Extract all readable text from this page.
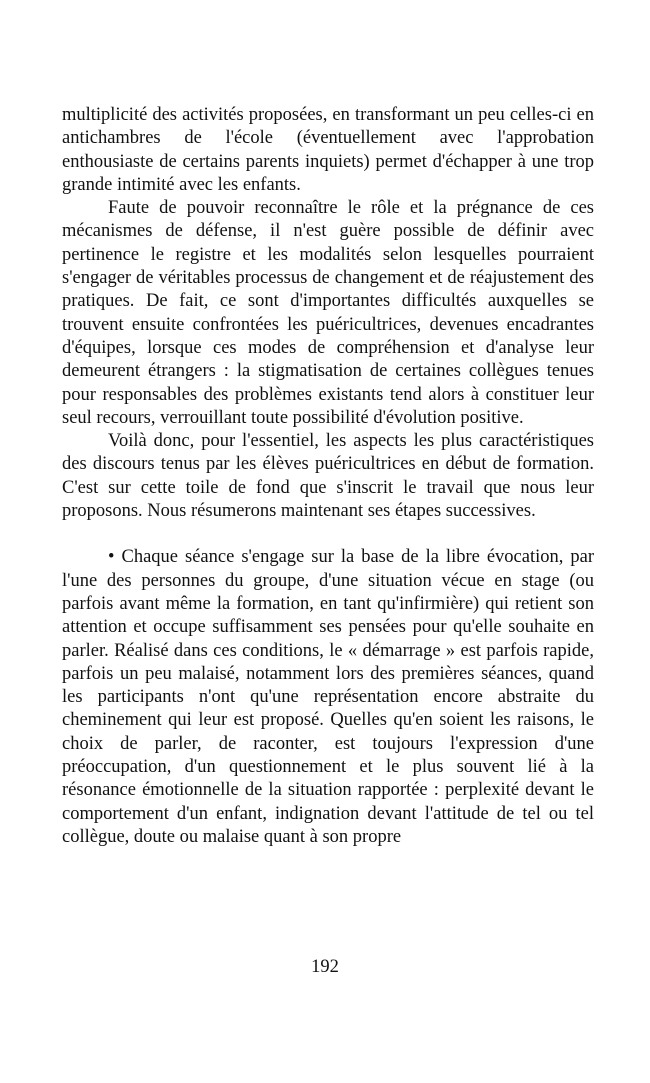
multiplicité des activités proposées, en transformant un peu celles-ci en antichambres de l'école (éventuellement avec l'approbation enthousiaste de certains parents inquiets) permet d'échapper à une trop grande intimité avec les enfants.

Faute de pouvoir reconnaître le rôle et la prégnance de ces mécanismes de défense, il n'est guère possible de définir avec pertinence le registre et les modalités selon lesquelles pourraient s'engager de véritables processus de changement et de réajustement des pratiques. De fait, ce sont d'importantes difficultés auxquelles se trouvent ensuite confrontées les puéricultrices, devenues encadrantes d'équipes, lorsque ces modes de compréhension et d'analyse leur demeurent étrangers : la stigmatisation de certaines collègues tenues pour responsables des problèmes existants tend alors à constituer leur seul recours, verrouillant toute possibilité d'évolution positive.

Voilà donc, pour l'essentiel, les aspects les plus caractéristiques des discours tenus par les élèves puéricultrices en début de formation. C'est sur cette toile de fond que s'inscrit le travail que nous leur proposons. Nous résumerons maintenant ses étapes successives.

• Chaque séance s'engage sur la base de la libre évocation, par l'une des personnes du groupe, d'une situation vécue en stage (ou parfois avant même la formation, en tant qu'infirmière) qui retient son attention et occupe suffisamment ses pensées pour qu'elle souhaite en parler. Réalisé dans ces conditions, le « démarrage » est parfois rapide, parfois un peu malaisé, notamment lors des premières séances, quand les participants n'ont qu'une représentation encore abstraite du cheminement qui leur est proposé. Quelles qu'en soient les raisons, le choix de parler, de raconter, est toujours l'expression d'une préoccupation, d'un questionnement et le plus souvent lié à la résonance émotionnelle de la situation rapportée : perplexité devant le comportement d'un enfant, indignation devant l'attitude de tel ou tel collègue, doute ou malaise quant à son propre

192
